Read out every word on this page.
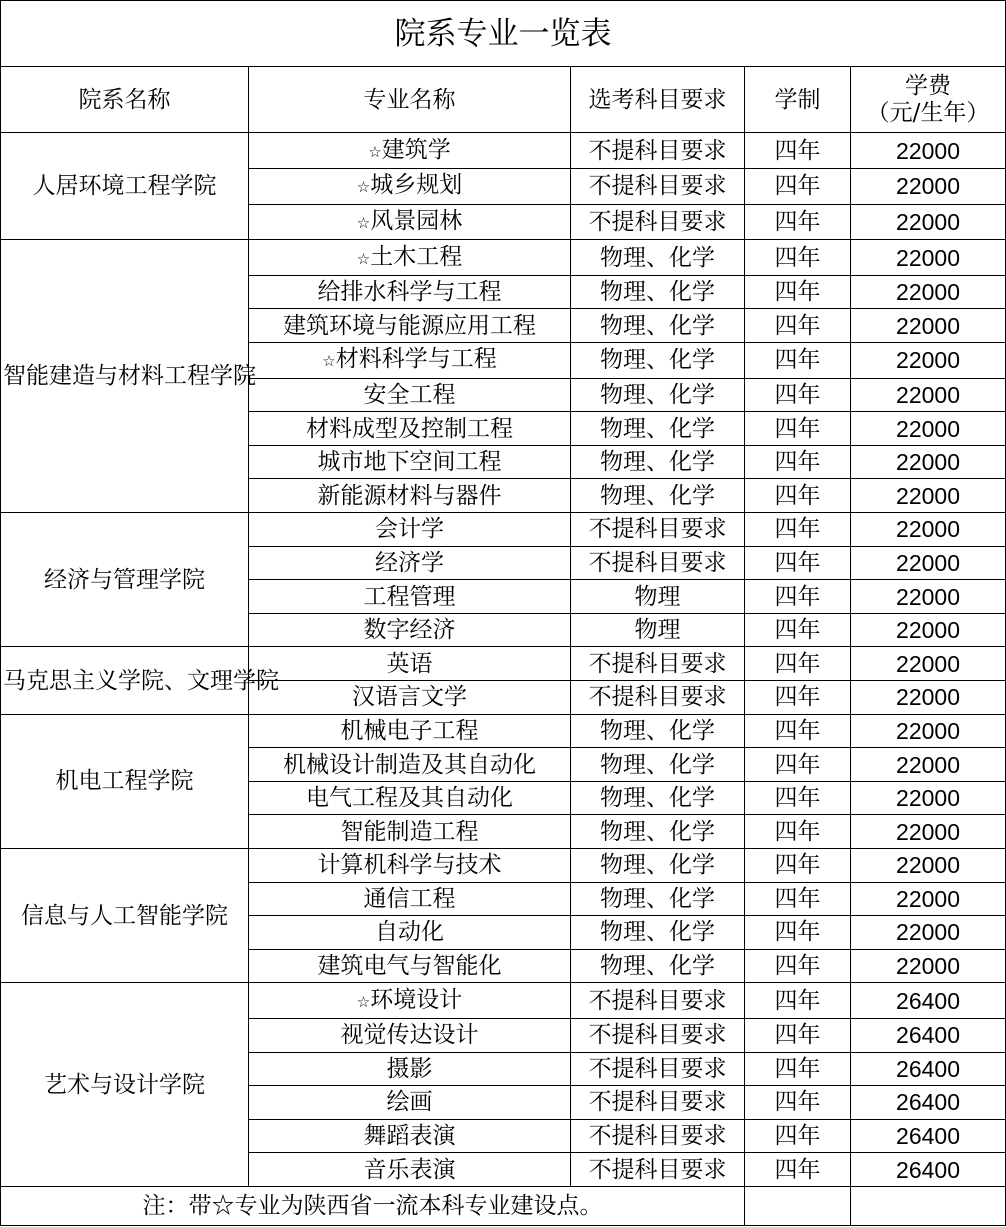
院系专业一览表				
院系名称	专业名称	选考科目要求	学制	学费
（元/生年）
人居环境工程学院	☆建筑学	不提科目要求	四年	22000
	☆城乡规划	不提科目要求	四年	22000
	☆风景园林	不提科目要求	四年	22000
智能建造与材料工程学院	☆土木工程	物理、化学	四年	22000
	给排水科学与工程	物理、化学	四年	22000
	建筑环境与能源应用工程	物理、化学	四年	22000
	☆材料科学与工程	物理、化学	四年	22000
	安全工程	物理、化学	四年	22000
	材料成型及控制工程	物理、化学	四年	22000
	城市地下空间工程	物理、化学	四年	22000
	新能源材料与器件	物理、化学	四年	22000
经济与管理学院	会计学	不提科目要求	四年	22000
	经济学	不提科目要求	四年	22000
	工程管理	物理	四年	22000
	数字经济	物理	四年	22000
马克思主义学院、文理学院	英语	不提科目要求	四年	22000
	汉语言文学	不提科目要求	四年	22000
机电工程学院	机械电子工程	物理、化学	四年	22000
	机械设计制造及其自动化	物理、化学	四年	22000
	电气工程及其自动化	物理、化学	四年	22000
	智能制造工程	物理、化学	四年	22000
信息与人工智能学院	计算机科学与技术	物理、化学	四年	22000
	通信工程	物理、化学	四年	22000
	自动化	物理、化学	四年	22000
	建筑电气与智能化	物理、化学	四年	22000
艺术与设计学院	☆环境设计	不提科目要求	四年	26400
	视觉传达设计	不提科目要求	四年	26400
	摄影	不提科目要求	四年	26400
	绘画	不提科目要求	四年	26400
	舞蹈表演	不提科目要求	四年	26400
	音乐表演	不提科目要求	四年	26400
注：带☆专业为陕西省一流本科专业建设点。				
